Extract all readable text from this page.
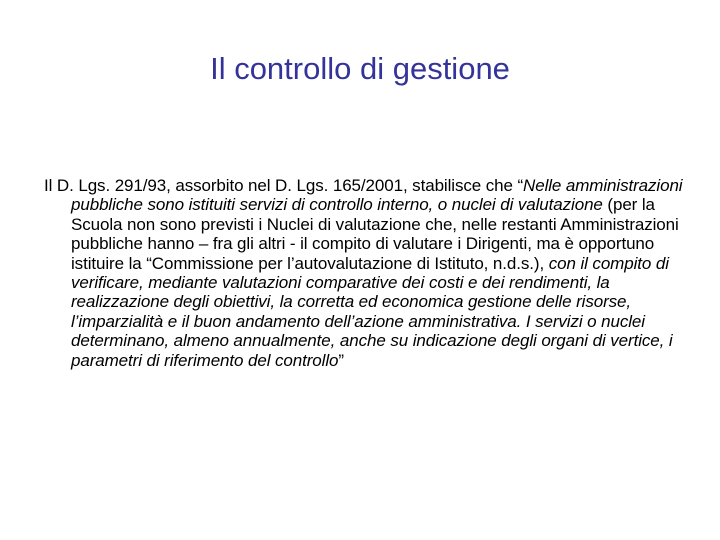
Il controllo di gestione
Il D. Lgs. 291/93, assorbito nel D. Lgs. 165/2001, stabilisce che “Nelle amministrazioni pubbliche sono istituiti servizi di controllo interno, o nuclei di valutazione (per la Scuola non sono previsti i Nuclei di valutazione che, nelle restanti Amministrazioni pubbliche hanno – fra gli altri - il compito di valutare i Dirigenti, ma è opportuno istituire la “Commissione per l’autovalutazione di Istituto, n.d.s.), con il compito di verificare, mediante valutazioni comparative dei costi e dei rendimenti, la realizzazione degli obiettivi, la corretta ed economica gestione delle risorse, l’imparzialità e il buon andamento dell’azione amministrativa. I servizi o nuclei determinano, almeno annualmente, anche su indicazione degli organi di vertice, i parametri di riferimento del controllo”
